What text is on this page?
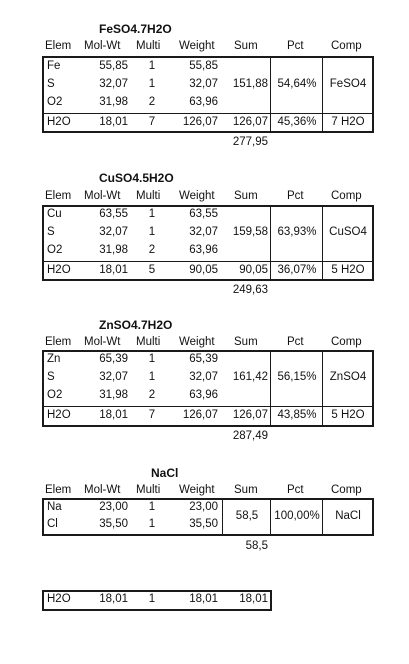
FeSO4.7H2O
Elem Mol-Wt Multi Weight Sum	Pct Comp
Fe	55,85	1	55,85
S	32,07	1	32,07
O2	31,98	2	63,96
151,88 54,64%	FeSO4
H2O	18,01	7	126,07	126,07 45,36%	7 H2O
277,95
CuSO4.5H2O
Elem Mol-Wt Multi Weight Sum	Pct Comp
Cu	63,55	1	63,55
S	32,07	1	32,07
O2	31,98	2	63,96
159,58 63,93%	CuSO4
H2O	18,01	5	90,05	90,05 36,07%	5 H2O
249,63
ZnSO4.7H2O
Elem Mol-Wt Multi Weight Sum	Pct Comp
Zn	65,39	1	65,39
S	32,07	1	32,07
O2	31,98	2	63,96
161,42 56,15%	ZnSO4
H2O	18,01	7	126,07	126,07 43,85%	5 H2O
287,49
NaCl
Elem Mol-Wt Multi Weight Sum	Pct Comp
Na	23,00	1	23,00
Cl	35,50	1	35,50
58,5	100,00%	NaCl
58,5
H2O	18,01	1	18,01	18,01
